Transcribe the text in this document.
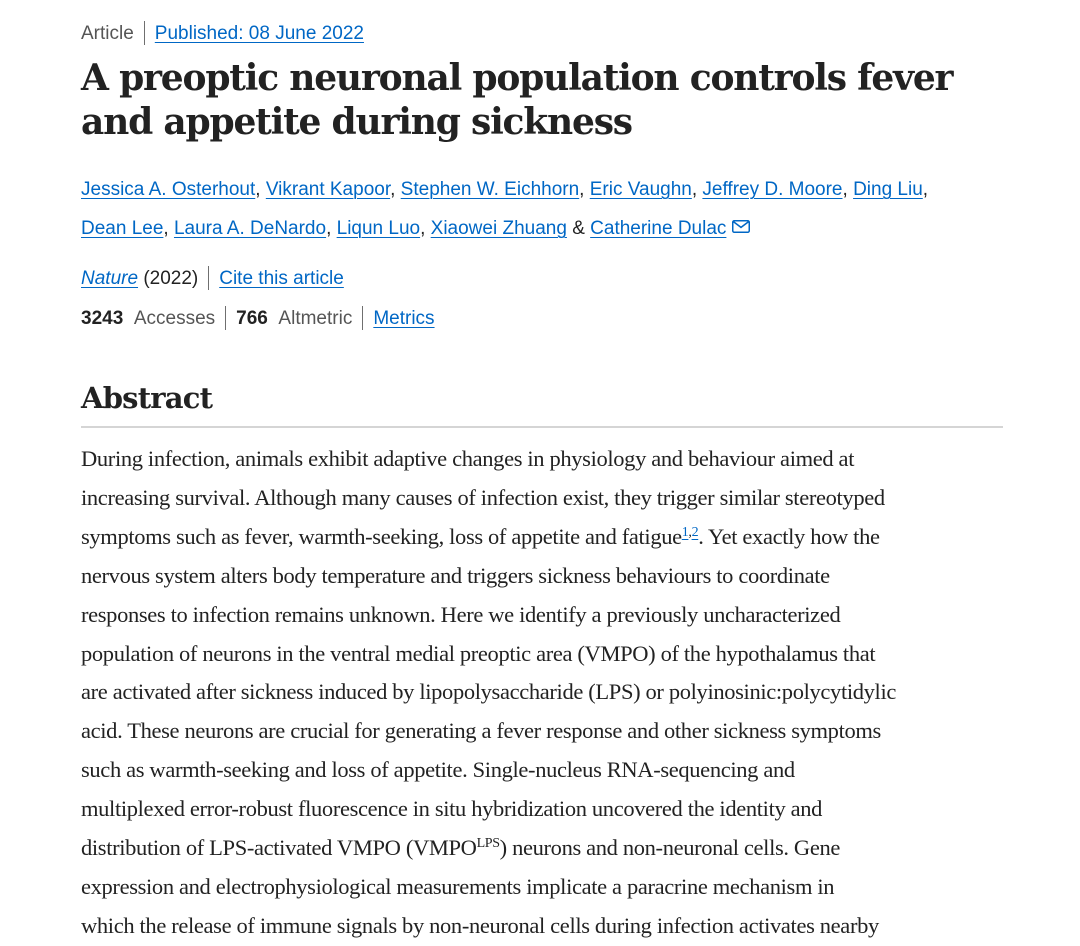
Article Published: 08 June 2022
A preoptic neuronal population controls fever and appetite during sickness
Jessica A. Osterhout, Vikrant Kapoor, Stephen W. Eichhorn, Eric Vaughn, Jeffrey D. Moore, Ding Liu,
Dean Lee, Laura A. DeNardo, Liqun Luo, Xiaowei Zhuang & Catherine Dulac
Nature (2022) Cite this article
3243 Accesses 766 Altmetric Metrics
Abstract

During infection, animals exhibit adaptive changes in physiology and behaviour aimed at
increasing survival. Although many causes of infection exist, they trigger similar stereotyped
symptoms such as fever, warmth-seeking, loss of appetite and fatigue$^{1,2}$. Yet exactly how the
nervous system alters body temperature and triggers sickness behaviours to coordinate
responses to infection remains unknown. Here we identify a previously uncharacterized
population of neurons in the ventral medial preoptic area (VMPO) of the hypothalamus that
are activated after sickness induced by lipopolysaccharide (LPS) or polyinosinic:polycytidylic
acid. These neurons are crucial for generating a fever response and other sickness symptoms
such as warmth-seeking and loss of appetite. Single-nucleus RNA-sequencing and
multiplexed error-robust fluorescence in situ hybridization uncovered the identity and
distribution of LPS-activated VMPO $(VMPO^{LPS})$ neurons and non-neuronal cells. Gene
expression and electrophysiological measurements implicate a paracrine mechanism in
which the release of immune signals by non-neuronal cells during infection activates nearby
